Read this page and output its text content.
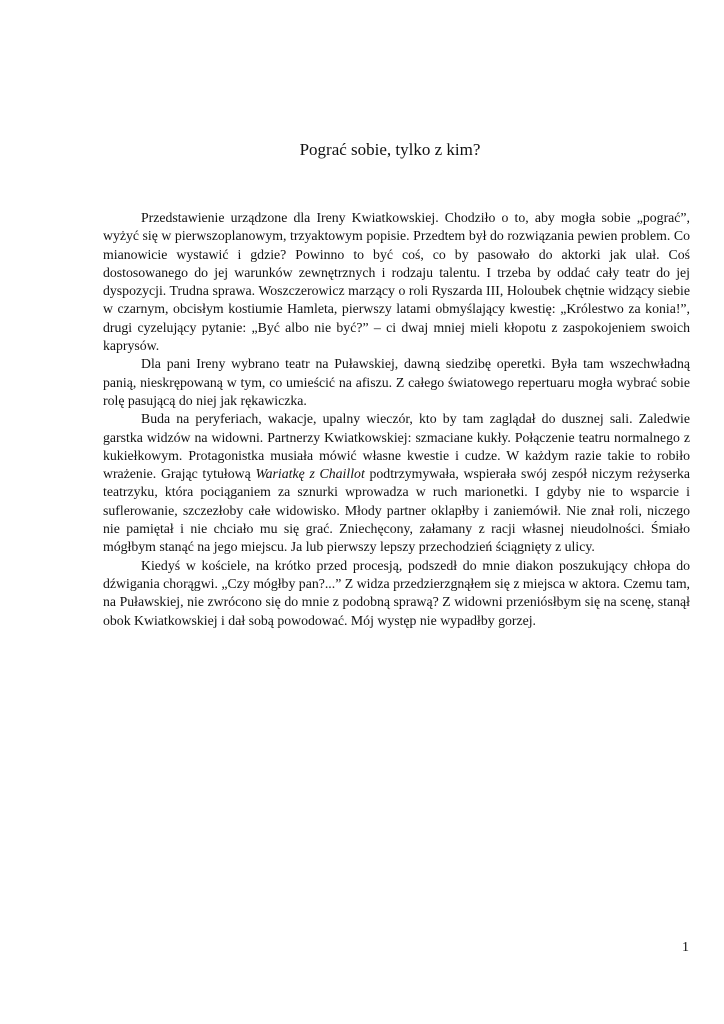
Pograć sobie, tylko z kim?

Przedstawienie urządzone dla Ireny Kwiatkowskiej. Chodziło o to, aby mogła sobie „pograć”, wyżyć się w pierwszoplanowym, trzyaktowym popisie. Przedtem był do rozwiązania pewien problem. Co mianowicie wystawić i gdzie? Powinno to być coś, co by pasowało do aktorki jak ulał. Coś dostosowanego do jej warunków zewnętrznych i rodzaju talentu. I trzeba by oddać cały teatr do jej dyspozycji. Trudna sprawa. Woszczerowicz marzący o roli Ryszarda III, Holoubek chętnie widzący siebie w czarnym, obcisłym kostiumie Hamleta, pierwszy latami obmyślający kwestię: „Królestwo za konia!”, drugi cyzelujący pytanie: „Być albo nie być?” – ci dwaj mniej mieli kłopotu z zaspokojeniem swoich kaprysów.

Dla pani Ireny wybrano teatr na Puławskiej, dawną siedzibę operetki. Była tam wszechwładną panią, nieskrępowaną w tym, co umieścić na afiszu. Z całego światowego repertuaru mogła wybrać sobie rolę pasującą do niej jak rękawiczka.

Buda na peryferiach, wakacje, upalny wieczór, kto by tam zaglądał do dusznej sali. Zaledwie garstka widzów na widowni. Partnerzy Kwiatkowskiej: szmaciane kukły. Połączenie teatru normalnego z kukiełkowym. Protagonistka musiała mówić własne kwestie i cudze. W każdym razie takie to robiło wrażenie. Grając tytułową Wariatkę z Chaillot podtrzymywała, wspierała swój zespół niczym reżyserka teatrzyku, która pociąganiem za sznurki wprowadza w ruch marionetki. I gdyby nie to wsparcie i suflerowanie, szczezłoby całe widowisko. Młody partner oklapłby i zaniemówił. Nie znał roli, niczego nie pamiętał i nie chciało mu się grać. Zniechęcony, załamany z racji własnej nieudolności. Śmiało mógłbym stanąć na jego miejscu. Ja lub pierwszy lepszy przechodzień ściągnięty z ulicy.

Kiedyś w kościele, na krótko przed procesją, podszedł do mnie diakon poszukujący chłopa do dźwigania chorągwi. „Czy mógłby pan?...” Z widza przedzierzgnąłem się z miejsca w aktora. Czemu tam, na Puławskiej, nie zwrócono się do mnie z podobną sprawą? Z widowni przeniósłbym się na scenę, stanął obok Kwiatkowskiej i dał sobą powodować. Mój występ nie wypadłby gorzej.

1
